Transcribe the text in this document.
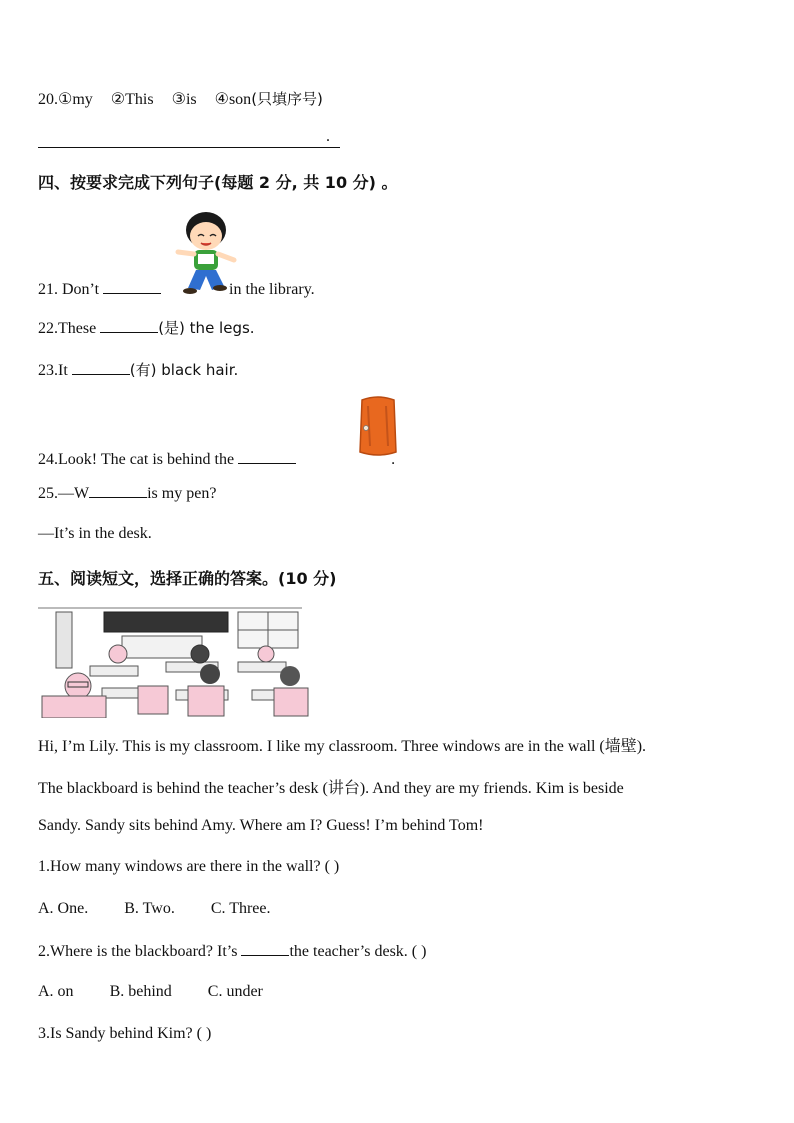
20.①my ②This ③is ④son(只填序号)
.
四、按要求完成下列句子(每题 2 分, 共 10 分) 。
21. Don’t	in the library.
22.These	(是) the legs.
23.It	(有) black hair.
24.Look! The cat is behind the	.
25.—W	is my pen?
—It’s in the desk.
五、阅读短文，选择正确的答案。(10 分)
Hi, I’m Lily. This is my classroom. I like my classroom. Three windows are in the wall (墙壁).
The blackboard is behind the teacher’s desk (讲台). And they are my friends. Kim is beside
Sandy. Sandy sits behind Amy. Where am I? Guess! I’m behind Tom!
1.How many windows are there in the wall? ( )
A. One. B. Two. C. Three.
2.Where is the blackboard? It’s	the teacher’s desk. ( )
A. on B. behind C. under
3.Is Sandy behind Kim? ( )
